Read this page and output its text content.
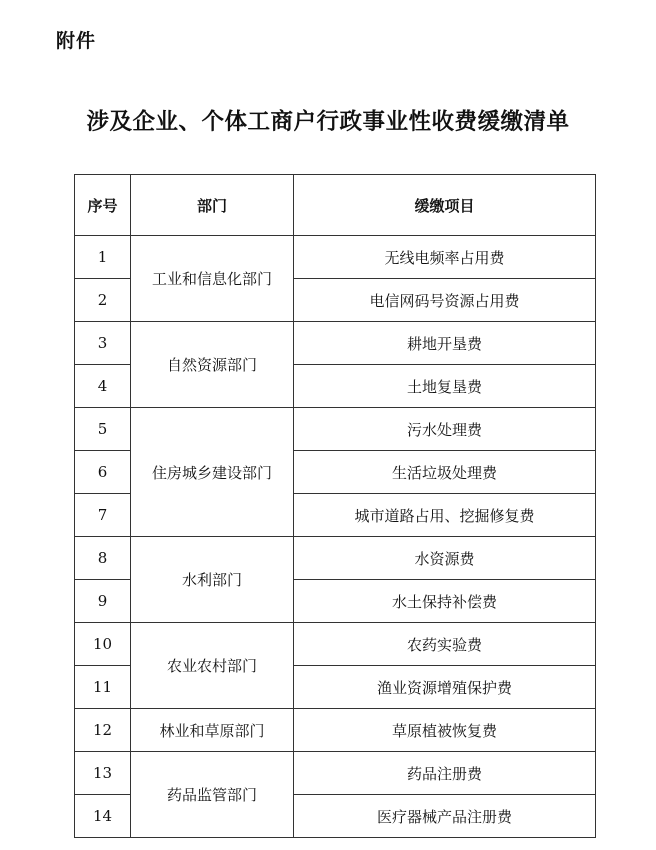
附件
涉及企业、个体工商户行政事业性收费缓缴清单
序号	部门	缓缴项目
1	工业和信息化部门	无线电频率占用费
2		电信网码号资源占用费
3	自然资源部门	耕地开垦费
4		土地复垦费
5	住房城乡建设部门	污水处理费
6		生活垃圾处理费
7		城市道路占用、挖掘修复费
8	水利部门	水资源费
9		水土保持补偿费
10	农业农村部门	农药实验费
11		渔业资源增殖保护费
12	林业和草原部门	草原植被恢复费
13	药品监管部门	药品注册费
14		医疗器械产品注册费
